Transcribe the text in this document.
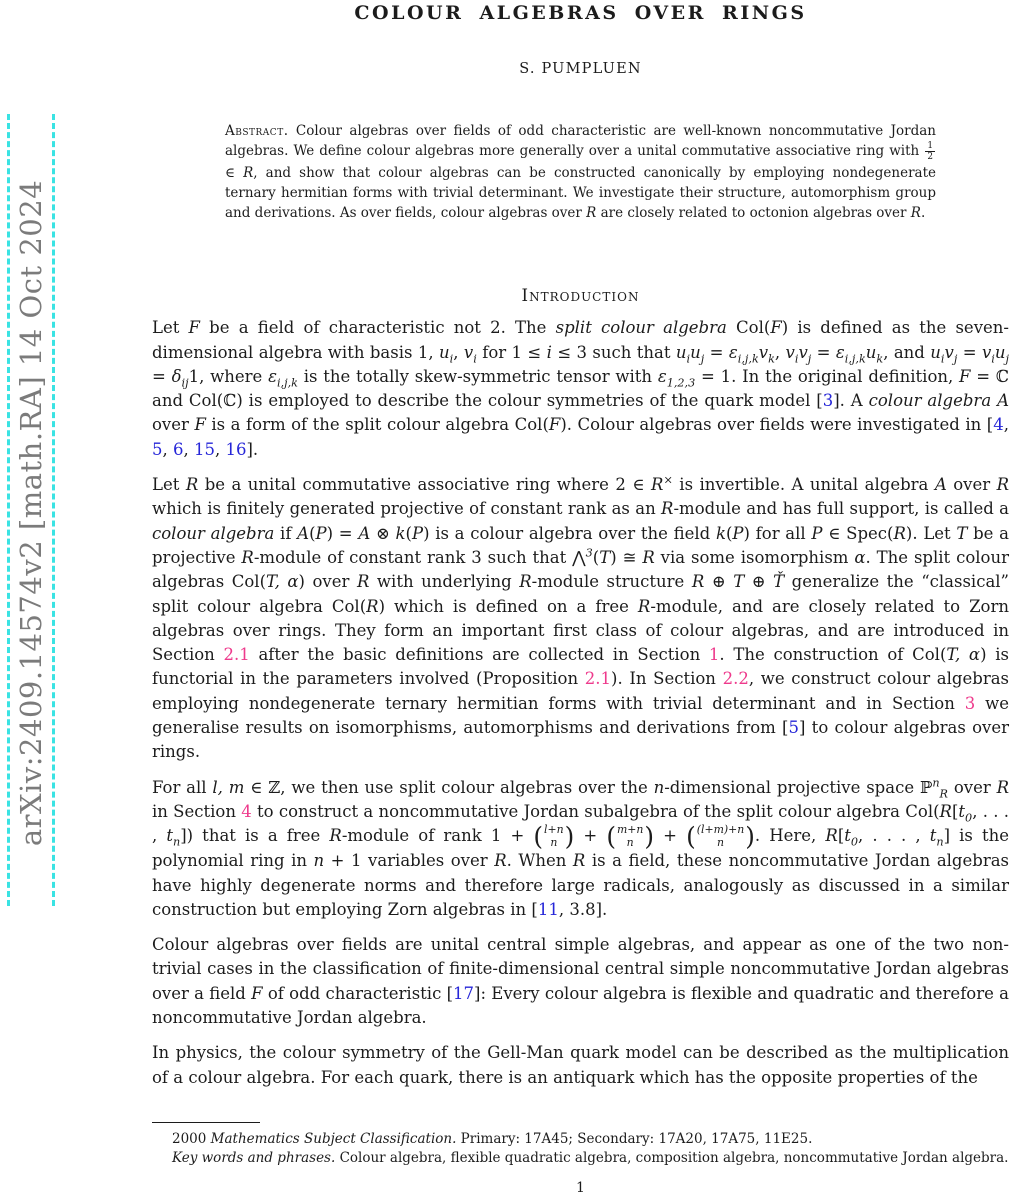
arXiv:2409.14574v2 [math.RA] 14 Oct 2024
COLOUR ALGEBRAS OVER RINGS
S. PUMPLUEN
Abstract. Colour algebras over fields of odd characteristic are well-known noncommutative Jordan algebras. We define colour algebras more generally over a unital commutative associative ring with $\frac{1}{2}$
∈ R, and show that colour algebras can be constructed canonically by employing nondegenerate ternary hermitian forms with trivial determinant. We investigate their structure, automorphism group and derivations. As over fields, colour algebras over R are closely related to octonion algebras over R.
Introduction

Let F be a field of characteristic not 2. The split colour algebra Col(F) is defined as the seven-dimensional algebra with basis 1, $u_i$, $v_i$ for 1 ≤ i ≤ 3 such that $u_iu_j = \varepsilon_{i,j,k}v_k$, $v_iv_j = \varepsilon_{i,j,k}u_k$, and $u_iv_j = v_iu_j = \delta_{ij}1$, where $\varepsilon_{i,j,k}$ is the totally skew-symmetric tensor with $\varepsilon_{1,2,3} = 1$. In the original definition, F = ℂ and Col(ℂ) is employed to describe the colour symmetries of the quark model [3]. A colour algebra A over F is a form of the split colour algebra Col(F). Colour algebras over fields were investigated in [4, 5, 6, 15, 16].

Let R be a unital commutative associative ring where 2 ∈ R× is invertible. A unital algebra A over R which is finitely generated projective of constant rank as an R-module and has full support, is called a colour algebra if A(P) = A ⊗ k(P) is a colour algebra over the field k(P) for all P ∈ Spec(R). Let T be a projective R-module of constant rank 3 such that ⋀$^3$(T) ≅ R via some isomorphism α. The split colour algebras Col(T, α) over R with underlying R-module structure R ⊕ T ⊕ Ť generalize the “classical” split colour algebra Col(R) which is defined on a free R-module, and are closely related to Zorn algebras over rings. They form an important first class of colour algebras, and are introduced in Section 2.1 after the basic definitions are collected in Section 1. The construction of Col(T, α) is functorial in the parameters involved (Proposition 2.1). In Section 2.2, we construct colour algebras employing nondegenerate ternary hermitian forms with trivial determinant and in Section 3 we generalise results on isomorphisms, automorphisms and derivations from [5] to colour algebras over rings.

For all l, m ∈ ℤ, we then use split colour algebras over the n-dimensional projective space ℙ$^n_R$ over R in Section 4 to construct a noncommutative Jordan subalgebra of the split colour algebra $Col(R[t_0$, . . . , $t_n$]) that is a free R-module of rank 1 + ( l+n
n ) + ( m+n
n ) + ( (l+m)+n
n ). Here, $R[t_0$, . . . , $t_n$] is the polynomial ring in n + 1 variables over R. When R is a field, these noncommutative Jordan algebras have highly degenerate norms and therefore large radicals, analogously as discussed in a similar construction but employing Zorn algebras in [11, 3.8].

Colour algebras over fields are unital central simple algebras, and appear as one of the two non-trivial cases in the classification of finite-dimensional central simple noncommutative Jordan algebras over a field F of odd characteristic [17]: Every colour algebra is flexible and quadratic and therefore a noncommutative Jordan algebra.

In physics, the colour symmetry of the Gell-Man quark model can be described as the multiplication of a colour algebra. For each quark, there is an antiquark which has the opposite properties of the

2000 Mathematics Subject Classification. Primary: 17A45; Secondary: 17A20, 17A75, 11E25.

Key words and phrases. Colour algebra, flexible quadratic algebra, composition algebra, noncommutative Jordan algebra.

1
